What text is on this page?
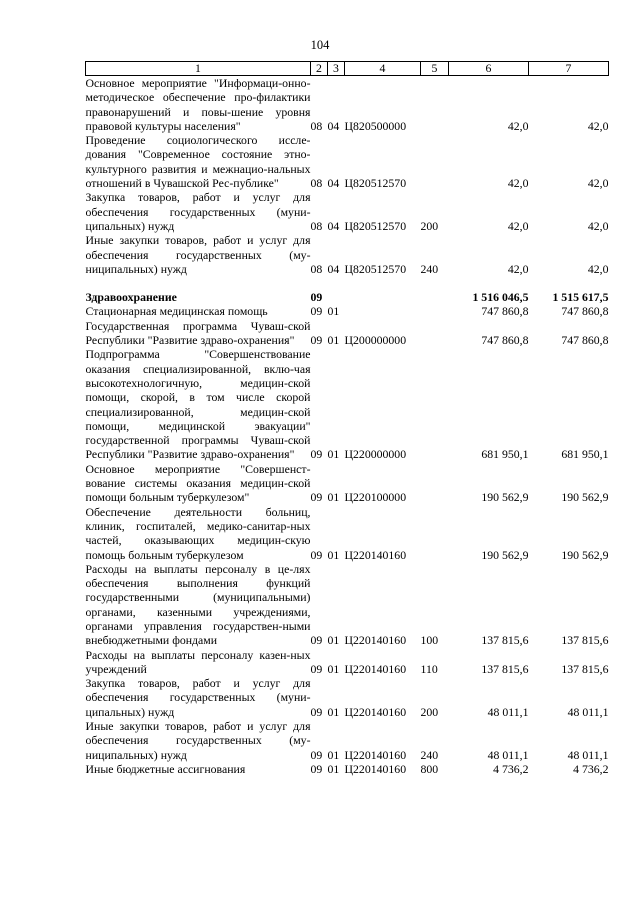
104
1	2	3	4	5	6	7
Основное мероприятие "Информаци-онно-методическое обеспечение про-филактики правонарушений и повы-шение уровня правовой культуры населения"	08	04	Ц820500000		42,0	42,0
Проведение социологического иссле-дования "Современное состояние этно-культурного развития и межнацио-нальных отношений в Чувашской Рес-публике"	08	04	Ц820512570		42,0	42,0
Закупка товаров, работ и услуг для обеспечения государственных (муни-ципальных) нужд	08	04	Ц820512570	200	42,0	42,0
Иные закупки товаров, работ и услуг для обеспечения государственных (му-ниципальных) нужд	08	04	Ц820512570	240	42,0	42,0

Здравоохранение	09				1 516 046,5	1 515 617,5
Стационарная медицинская помощь	09	01			747 860,8	747 860,8
Государственная программа Чуваш-ской Республики "Развитие здраво-охранения"	09	01	Ц200000000		747 860,8	747 860,8
Подпрограмма "Совершенствование оказания специализированной, вклю-чая высокотехнологичную, медицин-ской помощи, скорой, в том числе скорой специализированной, медицин-ской помощи, медицинской эвакуации" государственной программы Чуваш-ской Республики "Развитие здраво-охранения"	09	01	Ц220000000		681 950,1	681 950,1
Основное мероприятие "Совершенст-вование системы оказания медицин-ской помощи больным туберкулезом"	09	01	Ц220100000		190 562,9	190 562,9
Обеспечение деятельности больниц, клиник, госпиталей, медико-санитар-ных частей, оказывающих медицин-скую помощь больным туберкулезом	09	01	Ц220140160		190 562,9	190 562,9
Расходы на выплаты персоналу в це-лях обеспечения выполнения функций государственными (муниципальными) органами, казенными учреждениями, органами управления государствен-ными внебюджетными фондами	09	01	Ц220140160	100	137 815,6	137 815,6
Расходы на выплаты персоналу казен-ных учреждений	09	01	Ц220140160	110	137 815,6	137 815,6
Закупка товаров, работ и услуг для обеспечения государственных (муни-ципальных) нужд	09	01	Ц220140160	200	48 011,1	48 011,1
Иные закупки товаров, работ и услуг для обеспечения государственных (му-ниципальных) нужд	09	01	Ц220140160	240	48 011,1	48 011,1
Иные бюджетные ассигнования	09	01	Ц220140160	800	4 736,2	4 736,2
